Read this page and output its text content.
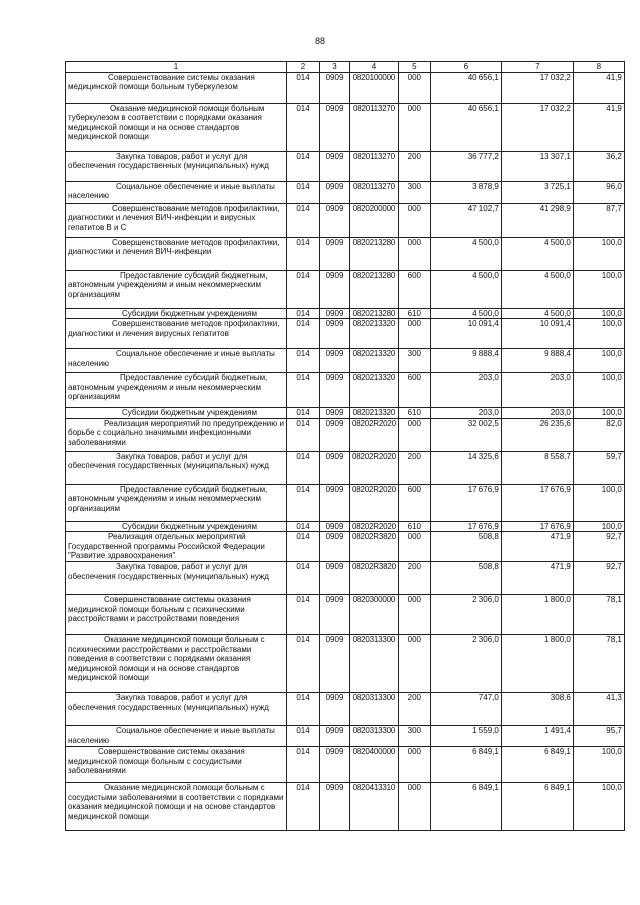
88
1	2	3	4	5	6	7	8
Совершенствование системы оказания медицинской помощи больным туберкулезом	014	0909	0820100000	000	40 656,1	17 032,2	41,9
Оказание медицинской помощи больным туберкулезом в соответствии с порядками оказания медицинской помощи и на основе стандартов медицинской помощи	014	0909	0820113270	000	40 656,1	17 032,2	41,9
Закупка товаров, работ и услуг для обеспечения государственных (муниципальных) нужд	014	0909	0820113270	200	36 777,2	13 307,1	36,2
Социальное обеспечение и иные выплаты населению	014	0909	0820113270	300	3 878,9	3 725,1	96,0
Совершенствование методов профилактики, диагностики и лечения ВИЧ-инфекции и вирусных гепатитов В и С	014	0909	0820200000	000	47 102,7	41 298,9	87,7
Совершенствование методов профилактики, диагностики и лечения ВИЧ-инфекции	014	0909	0820213280	000	4 500,0	4 500,0	100,0
Предоставление субсидий бюджетным, автономным учреждениям и иным некоммерческим организациям	014	0909	0820213280	600	4 500,0	4 500,0	100,0
Субсидии бюджетным учреждениям	014	0909	0820213280	610	4 500,0	4 500,0	100,0
Совершенствование методов профилактики, диагностики и лечения вирусных гепатитов	014	0909	0820213320	000	10 091,4	10 091,4	100,0
Социальное обеспечение и иные выплаты населению	014	0909	0820213320	300	9 888,4	9 888,4	100,0
Предоставление субсидий бюджетным, автономным учреждениям и иным некоммерческим организациям	014	0909	0820213320	600	203,0	203,0	100,0
Субсидии бюджетным учреждениям	014	0909	0820213320	610	203,0	203,0	100,0
Реализация мероприятий по предупреждению и борьбе с социально значимыми инфекционными заболеваниями	014	0909	08202R2020	000	32 002,5	26 235,6	82,0
Закупка товаров, работ и услуг для обеспечения государственных (муниципальных) нужд	014	0909	08202R2020	200	14 325,6	8 558,7	59,7
Предоставление субсидий бюджетным, автономным учреждениям и иным некоммерческим организациям	014	0909	08202R2020	600	17 676,9	17 676,9	100,0
Субсидии бюджетным учреждениям	014	0909	08202R2020	610	17 676,9	17 676,9	100,0
Реализация отдельных мероприятий Государственной программы Российской Федерации "Развитие здравоохранения"	014	0909	08202R3820	000	508,8	471,9	92,7
Закупка товаров, работ и услуг для обеспечения государственных (муниципальных) нужд	014	0909	08202R3820	200	508,8	471,9	92,7
Совершенствование системы оказания медицинской помощи больным с психическими расстройствами и расстройствами поведения	014	0909	0820300000	000	2 306,0	1 800,0	78,1
Оказание медицинской помощи больным с психическими расстройствами и расстройствами поведения в соответствии с порядками оказания медицинской помощи и на основе стандартов медицинской помощи	014	0909	0820313300	000	2 306,0	1 800,0	78,1
Закупка товаров, работ и услуг для обеспечения государственных (муниципальных) нужд	014	0909	0820313300	200	747,0	308,6	41,3
Социальное обеспечение и иные выплаты населению	014	0909	0820313300	300	1 559,0	1 491,4	95,7
Совершенствование системы оказания медицинской помощи больным с сосудистыми заболеваниями	014	0909	0820400000	000	6 849,1	6 849,1	100,0
Оказание медицинской помощи больным с сосудистыми заболеваниями в соответствии с порядками оказания медицинской помощи и на основе стандартов медицинской помощи	014	0909	0820413310	000	6 849,1	6 849,1	100,0
